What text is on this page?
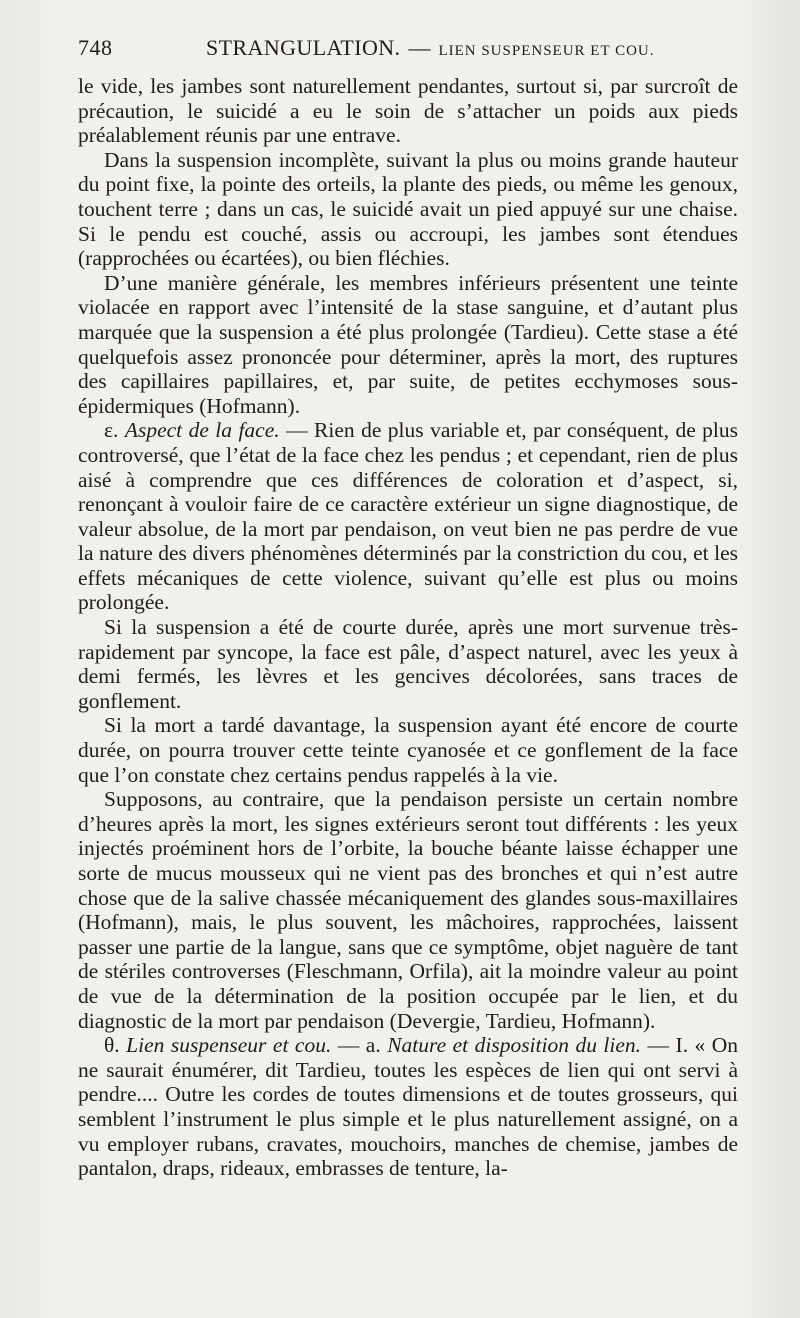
748	STRANGULATION. — LIEN SUSPENSEUR ET COU.

le vide, les jambes sont naturellement pendantes, surtout si, par surcroît de précaution, le suicidé a eu le soin de s’attacher un poids aux pieds préalablement réunis par une entrave.

Dans la suspension incomplète, suivant la plus ou moins grande hauteur du point fixe, la pointe des orteils, la plante des pieds, ou même les genoux, touchent terre ; dans un cas, le suicidé avait un pied appuyé sur une chaise. Si le pendu est couché, assis ou accroupi, les jambes sont étendues (rapprochées ou écartées), ou bien fléchies.

D’une manière générale, les membres inférieurs présentent une teinte violacée en rapport avec l’intensité de la stase sanguine, et d’autant plus marquée que la suspension a été plus prolongée (Tardieu). Cette stase a été quelquefois assez prononcée pour déterminer, après la mort, des ruptures des capillaires papillaires, et, par suite, de petites ecchymoses sous-épidermiques (Hofmann).

ε. Aspect de la face. — Rien de plus variable et, par conséquent, de plus controversé, que l’état de la face chez les pendus ; et cependant, rien de plus aisé à comprendre que ces différences de coloration et d’aspect, si, renonçant à vouloir faire de ce caractère extérieur un signe diagnostique, de valeur absolue, de la mort par pendaison, on veut bien ne pas perdre de vue la nature des divers phénomènes déterminés par la constriction du cou, et les effets mécaniques de cette violence, suivant qu’elle est plus ou moins prolongée.

Si la suspension a été de courte durée, après une mort survenue très-rapidement par syncope, la face est pâle, d’aspect naturel, avec les yeux à demi fermés, les lèvres et les gencives décolorées, sans traces de gonflement.

Si la mort a tardé davantage, la suspension ayant été encore de courte durée, on pourra trouver cette teinte cyanosée et ce gonflement de la face que l’on constate chez certains pendus rappelés à la vie.

Supposons, au contraire, que la pendaison persiste un certain nombre d’heures après la mort, les signes extérieurs seront tout différents : les yeux injectés proéminent hors de l’orbite, la bouche béante laisse échapper une sorte de mucus mousseux qui ne vient pas des bronches et qui n’est autre chose que de la salive chassée mécaniquement des glandes sous-maxillaires (Hofmann), mais, le plus souvent, les mâchoires, rapprochées, laissent passer une partie de la langue, sans que ce symptôme, objet naguère de tant de stériles controverses (Fleschmann, Orfila), ait la moindre valeur au point de vue de la détermination de la position occupée par le lien, et du diagnostic de la mort par pendaison (Devergie, Tardieu, Hofmann).

θ. Lien suspenseur et cou. — a. Nature et disposition du lien. — I. « On ne saurait énumérer, dit Tardieu, toutes les espèces de lien qui ont servi à pendre.... Outre les cordes de toutes dimensions et de toutes grosseurs, qui semblent l’instrument le plus simple et le plus naturellement assigné, on a vu employer rubans, cravates, mouchoirs, manches de chemise, jambes de pantalon, draps, rideaux, embrasses de tenture, la-
